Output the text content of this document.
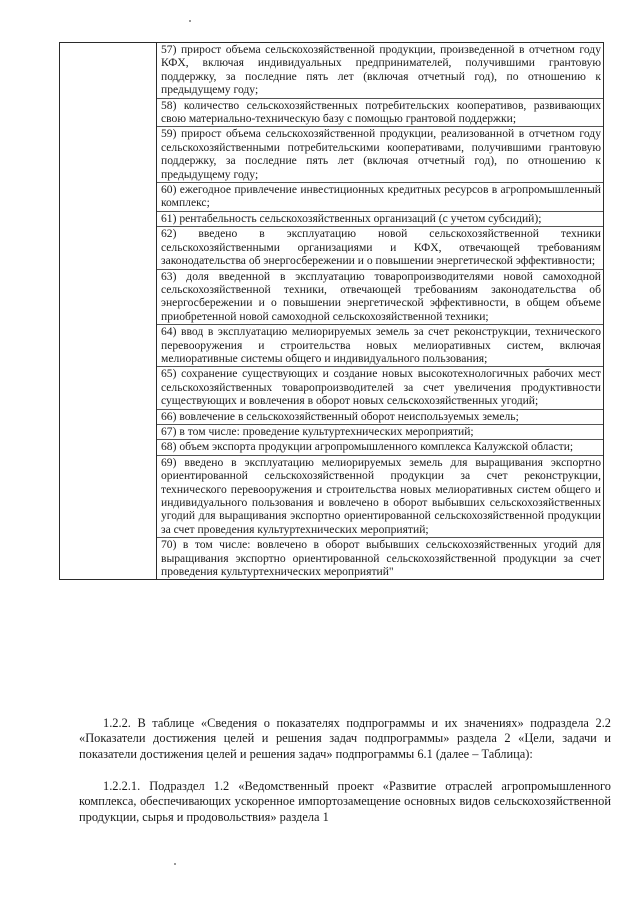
57) прирост объема сельскохозяйственной продукции, произведенной в отчетном году КФХ, включая индивидуальных предпринимателей, получившими грантовую поддержку, за последние пять лет (включая отчетный год), по отношению к предыдущему году;
58) количество сельскохозяйственных потребительских кооперативов, развивающих свою материально-техническую базу с помощью грантовой поддержки;
59) прирост объема сельскохозяйственной продукции, реализованной в отчетном году сельскохозяйственными потребительскими кооперативами, получившими грантовую поддержку, за последние пять лет (включая отчетный год), по отношению к предыдущему году;
60) ежегодное привлечение инвестиционных кредитных ресурсов в агропромышленный комплекс;
61) рентабельность сельскохозяйственных организаций (с учетом субсидий);
62) введено в эксплуатацию новой сельскохозяйственной техники сельскохозяйственными организациями и КФХ, отвечающей требованиям законодательства об энергосбережении и о повышении энергетической эффективности;
63) доля введенной в эксплуатацию товаропроизводителями новой самоходной сельскохозяйственной техники, отвечающей требованиям законодательства об энергосбережении и о повышении энергетической эффективности, в общем объеме приобретенной новой самоходной сельскохозяйственной техники;
64) ввод в эксплуатацию мелиорируемых земель за счет реконструкции, технического перевооружения и строительства новых мелиоративных систем, включая мелиоративные системы общего и индивидуального пользования;
65) сохранение существующих и создание новых высокотехнологичных рабочих мест сельскохозяйственных товаропроизводителей за счет увеличения продуктивности существующих и вовлечения в оборот новых сельскохозяйственных угодий;
66) вовлечение в сельскохозяйственный оборот неиспользуемых земель;
67) в том числе: проведение культуртехнических мероприятий;
68) объем экспорта продукции агропромышленного комплекса Калужской области;
69) введено в эксплуатацию мелиорируемых земель для выращивания экспортно ориентированной сельскохозяйственной продукции за счет реконструкции, технического перевооружения и строительства новых мелиоративных систем общего и индивидуального пользования и вовлечено в оборот выбывших сельскохозяйственных угодий для выращивания экспортно ориентированной сельскохозяйственной продукции за счет проведения культуртехнических мероприятий;
70) в том числе: вовлечено в оборот выбывших сельскохозяйственных угодий для выращивания экспортно ориентированной сельскохозяйственной продукции за счет проведения культуртехнических мероприятий"
1.2.2. В таблице «Сведения о показателях подпрограммы и их значениях» подраздела 2.2 «Показатели достижения целей и решения задач подпрограммы» раздела 2 «Цели, задачи и показатели достижения целей и решения задач» подпрограммы 6.1 (далее – Таблица):
1.2.2.1. Подраздел 1.2 «Ведомственный проект «Развитие отраслей агропромышленного комплекса, обеспечивающих ускоренное импортозамещение основных видов сельскохозяйственной продукции, сырья и продовольствия» раздела 1
